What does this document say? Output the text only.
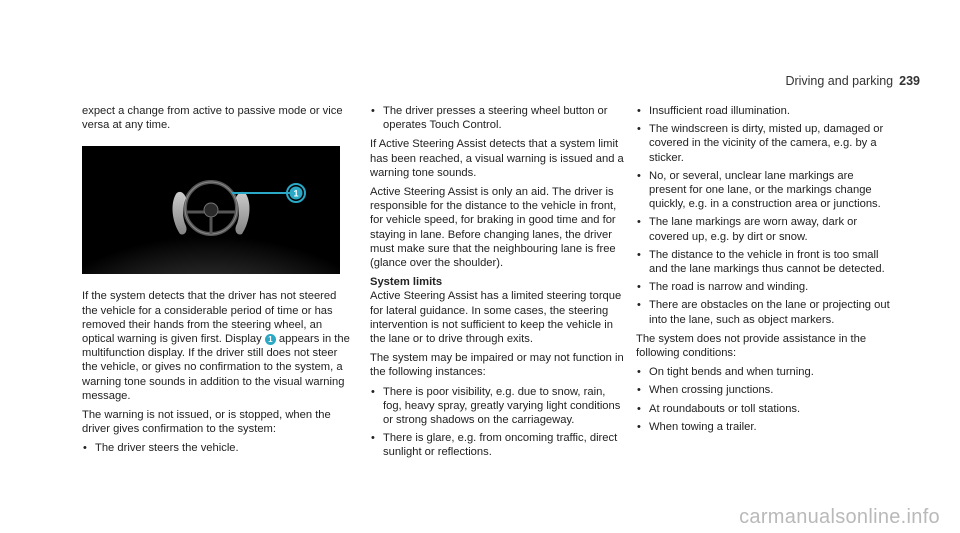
Driving and parking 239

expect a change from active to passive mode or vice versa at any time.

1

If the system detects that the driver has not steered the vehicle for a considerable period of time or has removed their hands from the steering wheel, an optical warning is given first. Display 1 appears in the multifunction display. If the driver still does not steer the vehicle, or gives no confirmation to the system, a warning tone sounds in addition to the visual warning message.

The warning is not issued, or is stopped, when the driver gives confirmation to the system:

• The driver steers the vehicle.
• The driver presses a steering wheel button or operates Touch Control.

If Active Steering Assist detects that a system limit has been reached, a visual warning is issued and a warning tone sounds.

Active Steering Assist is only an aid. The driver is responsible for the distance to the vehicle in front, for vehicle speed, for braking in good time and for staying in lane. Before changing lanes, the driver must make sure that the neighbouring lane is free (glance over the shoulder).

System limits

Active Steering Assist has a limited steering torque for lateral guidance. In some cases, the steering intervention is not sufficient to keep the vehicle in the lane or to drive through exits.

The system may be impaired or may not function in the following instances:

• There is poor visibility, e.g. due to snow, rain, fog, heavy spray, greatly varying light conditions or strong shadows on the carriageway.
• There is glare, e.g. from oncoming traffic, direct sunlight or reflections.
• Insufficient road illumination.
• The windscreen is dirty, misted up, damaged or covered in the vicinity of the camera, e.g. by a sticker.
• No, or several, unclear lane markings are present for one lane, or the markings change quickly, e.g. in a construction area or junctions.
• The lane markings are worn away, dark or covered up, e.g. by dirt or snow.
• The distance to the vehicle in front is too small and the lane markings thus cannot be detected.
• The road is narrow and winding.
• There are obstacles on the lane or projecting out into the lane, such as object markers.

The system does not provide assistance in the following conditions:

• On tight bends and when turning.
• When crossing junctions.
• At roundabouts or toll stations.
• When towing a trailer.
carmanualsonline.info
